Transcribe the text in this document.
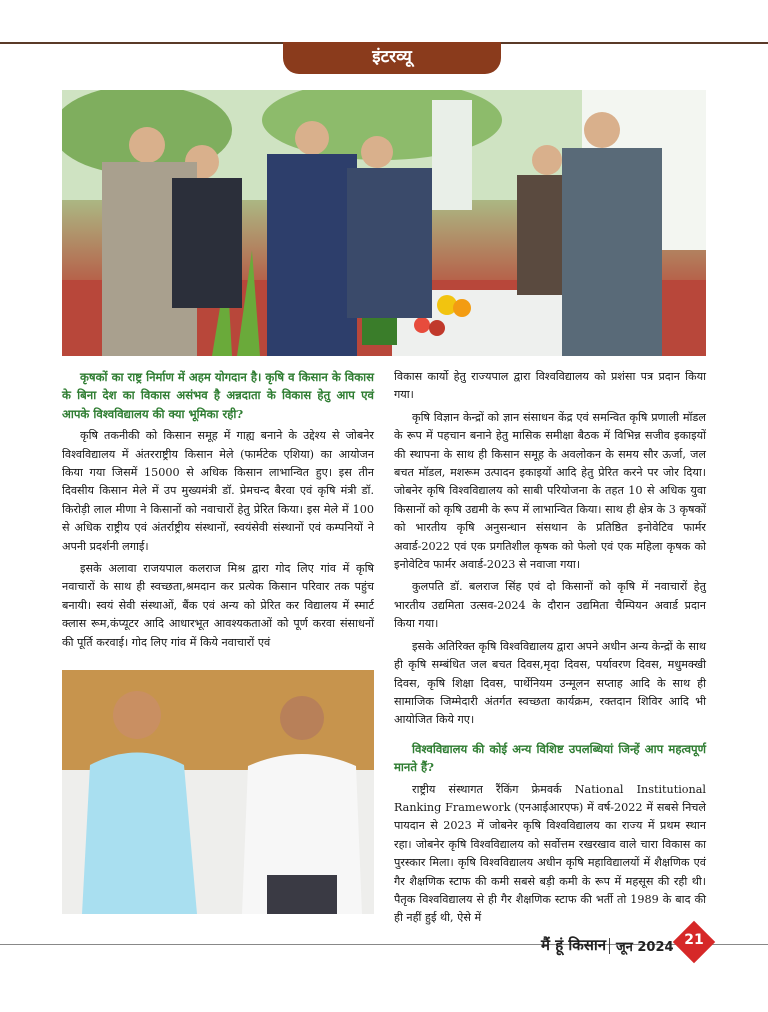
इंटरव्यू

कृषकों का राष्ट्र निर्माण में अहम योगदान है। कृषि व किसान के विकास के बिना देश का विकास असंभव है अन्नदाता के विकास हेतु आप एवं आपके विश्वविद्यालय की क्या भूमिका रही?

कृषि तकनीकी को किसान समूह में गाह्य बनाने के उद्देश्य से जोबनेर विश्वविद्यालय में अंतरराष्ट्रीय किसान मेले (फार्मटेक एशिया) का आयोजन किया गया जिसमें 15000 से अधिक किसान लाभान्वित हुए। इस तीन दिवसीय किसान मेले में उप मुख्यमंत्री डॉ. प्रेमचन्द बैरवा एवं कृषि मंत्री डॉ. किरोड़ी लाल मीणा ने किसानों को नवाचारों हेतु प्रेरित किया। इस मेले में 100 से अधिक राष्ट्रीय एवं अंतर्राष्ट्रीय संस्थानों, स्वयंसेवी संस्थानों एवं कम्पनियों ने अपनी प्रदर्शनी लगाई।

इसके अलावा राजयपाल कलराज मिश्र द्वारा गोद लिए गांव में कृषि नवाचारों के साथ ही स्वच्छता,श्रमदान कर प्रत्येक किसान परिवार तक पहुंच बनायी। स्वयं सेवी संस्थाओं, बैंक एवं अन्य को प्रेरित कर विद्यालय में स्मार्ट क्लास रूम,कंप्यूटर आदि आधारभूत आवश्यकताओं को पूर्ण करवा संसाधनों की पूर्ति करवाई। गोद लिए गांव में किये नवाचारों एवं

विकास कार्यो हेतु राज्यपाल द्वारा विश्वविद्यालय को प्रशंसा पत्र प्रदान किया गया।

कृषि विज्ञान केन्द्रों को ज्ञान संसाधन केंद्र एवं समन्वित कृषि प्रणाली मॉडल के रूप में पहचान बनाने हेतु मासिक समीक्षा बैठक में विभिन्न सजीव इकाइयों की स्थापना के साथ ही किसान समूह के अवलोकन के समय सौर ऊर्जा, जल बचत मॉडल, मशरूम उत्पादन इकाइयों आदि हेतु प्रेरित करने पर जोर दिया। जोबनेर कृषि विश्वविद्यालय को साबी परियोजना के तहत 10 से अधिक युवा किसानों को कृषि उद्यमी के रूप में लाभान्वित किया। साथ ही क्षेत्र के 3 कृषकों को भारतीय कृषि अनुसन्धान संसथान के प्रतिष्ठित इनोवेटिव फार्मर अवार्ड-2022 एवं एक प्रगतिशील कृषक को फेलो एवं एक महिला कृषक को इनोवेटिव फार्मर अवार्ड-2023 से नवाजा गया।

कुलपति डॉ. बलराज सिंह एवं दो किसानों को कृषि में नवाचारों हेतु भारतीय उद्यमिता उत्सव-2024 के दौरान उद्यमिता चैम्पियन अवार्ड प्रदान किया गया।

इसके अतिरिक्त कृषि विश्वविद्यालय द्वारा अपने अधीन अन्य केन्द्रों के साथ ही कृषि सम्बंधित जल बचत दिवस,मृदा दिवस, पर्यावरण दिवस, मधुमक्खी दिवस, कृषि शिक्षा दिवस, पार्थेनियम उन्मूलन सप्ताह आदि के साथ ही सामाजिक जिम्मेदारी अंतर्गत स्वच्छता कार्यक्रम, रक्तदान शिविर आदि भी आयोजित किये गए।

विश्वविद्यालय की कोई अन्य विशिष्ट उपलब्धियां जिन्हें आप महत्वपूर्ण मानते हैं?

राष्ट्रीय संस्थागत रैंकिंग फ्रेमवर्क National Institutional Ranking Framework (एनआईआरएफ) में वर्ष-2022 में सबसे निचले पायदान से 2023 में जोबनेर कृषि विश्वविद्यालय का राज्य में प्रथम स्थान रहा। जोबनेर कृषि विश्वविद्यालय को सर्वोत्तम रखरखाव वाले चारा विकास का पुरस्कार मिला। कृषि विश्वविद्यालय अधीन कृषि महाविद्यालयों में शैक्षणिक एवं गैर शैक्षणिक स्टाफ की कमी सबसे बड़ी कमी के रूप में महसूस की रही थी। पैतृक विश्वविद्यालय से ही गैर शैक्षणिक स्टाफ की भर्ती तो 1989 के बाद की ही नहीं हुई थी, ऐसे में

मैं हूं किसान जून 2024 21
